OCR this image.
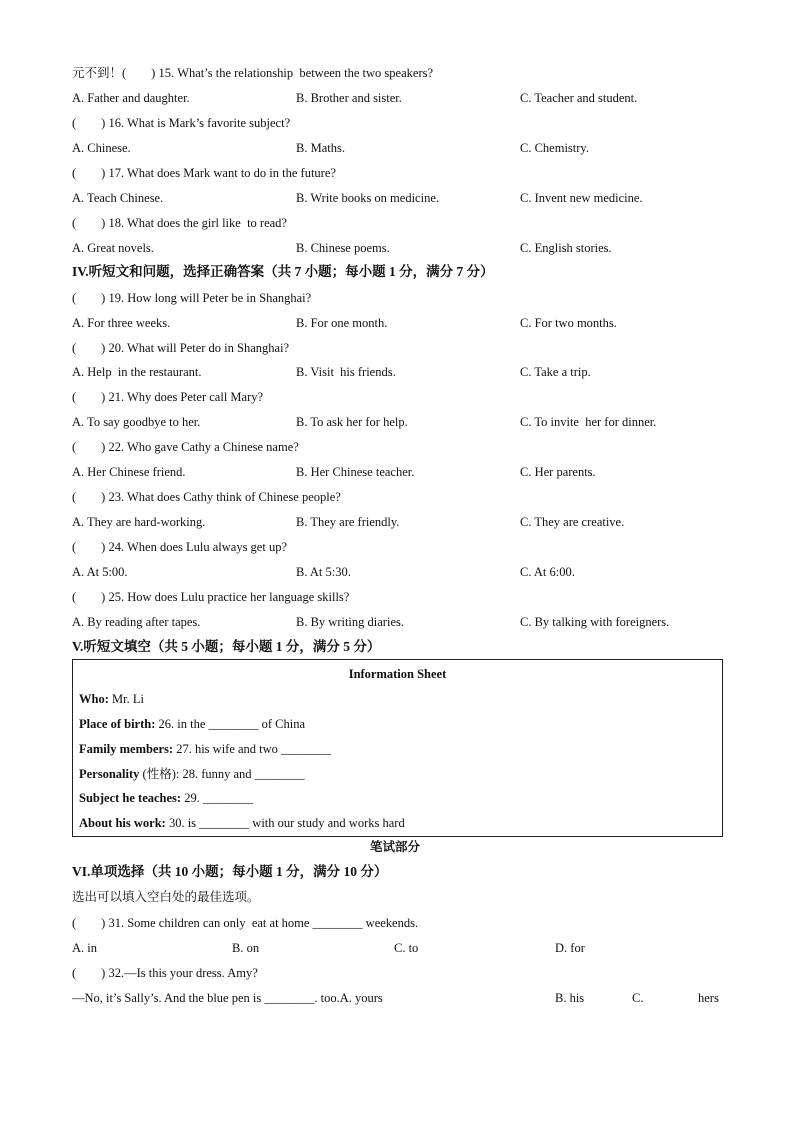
元不到！(        ) 15. What’s the relationship  between the two speakers?
A. Father and daughter.	B. Brother and sister.	C. Teacher and student.
(        ) 16. What is Mark’s favorite subject?
A. Chinese.	B. Maths.	C. Chemistry.
(        ) 17. What does Mark want to do in the future?
A. Teach Chinese.	B. Write books on medicine.	C. Invent new medicine.
(        ) 18. What does the girl like  to read?
A. Great novels.	B. Chinese poems.	C. English stories.
IV.听短文和问题，选择正确答案（共 7 小题；每小题 1 分，满分 7 分）
(        ) 19. How long will Peter be in Shanghai?
A. For three weeks.	B. For one month.	C. For two months.
(        ) 20. What will Peter do in Shanghai?
A. Help  in the restaurant.	B. Visit  his friends.	C. Take a trip.
(        ) 21. Why does Peter call Mary?
A. To say goodbye to her.	B. To ask her for help.	C. To invite  her for dinner.
(        ) 22. Who gave Cathy a Chinese name?
A. Her Chinese friend.	B. Her Chinese teacher.	C. Her parents.
(        ) 23. What does Cathy think of Chinese people?
A. They are hard-working.	B. They are friendly.	C. They are creative.
(        ) 24. When does Lulu always get up?
A. At 5:00.	B. At 5:30.	C. At 6:00.
(        ) 25. How does Lulu practice her language skills?
A. By reading after tapes.	B. By writing diaries.	C. By talking with foreigners.
V.听短文填空（共 5 小题；每小题 1 分，满分 5 分）
Information Sheet
Who: Mr. Li
Place of birth: 26. in the ________ of China
Family members: 27. his wife and two ________
Personality (性格): 28. funny and ________
Subject he teaches: 29. ________
About his work: 30. is ________ with our study and works hard
笔试部分
VI.单项选择（共 10 小题；每小题 1 分，满分 10 分）
选出可以填入空白处的最佳选项。
(        ) 31. Some children can only  eat at home ________ weekends.
A. in	B. on	C. to	D. for
(        ) 32.—Is this your dress. Amy?
—No, it’s Sally’s. And the blue pen is ________. too.A. yours	B. his	C.	hers
